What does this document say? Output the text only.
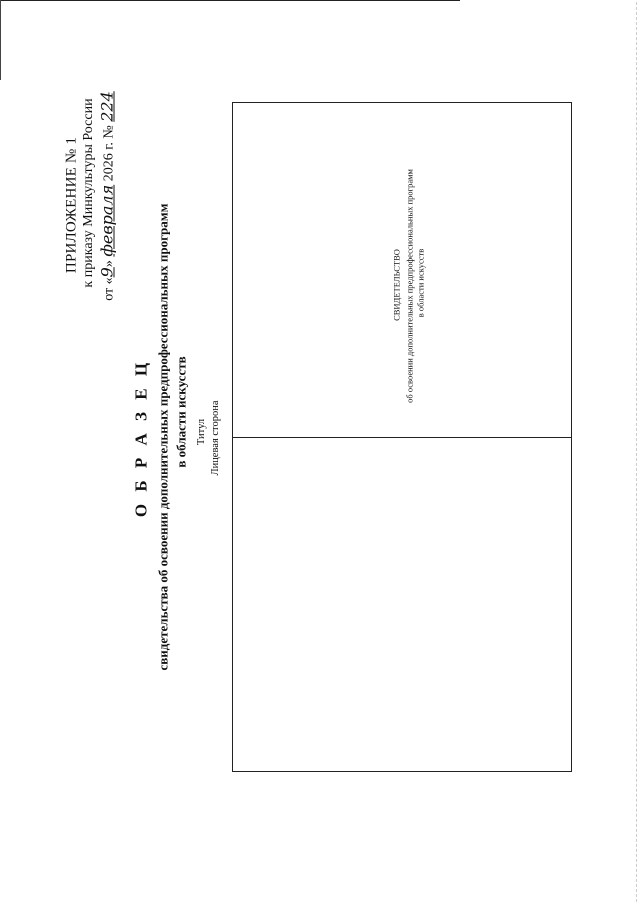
ПРИЛОЖЕНИЕ № 1 к приказу Минкультуры России
от «9» февраля 2026 г. № 224
О Б Р А З Е Ц свидетельства об освоении дополнительных предпрофессиональных программ в области искусств Титул Лицевая сторона
СВИДЕТЕЛЬСТВО об освоении дополнительных предпрофессиональных программ в области искусств
